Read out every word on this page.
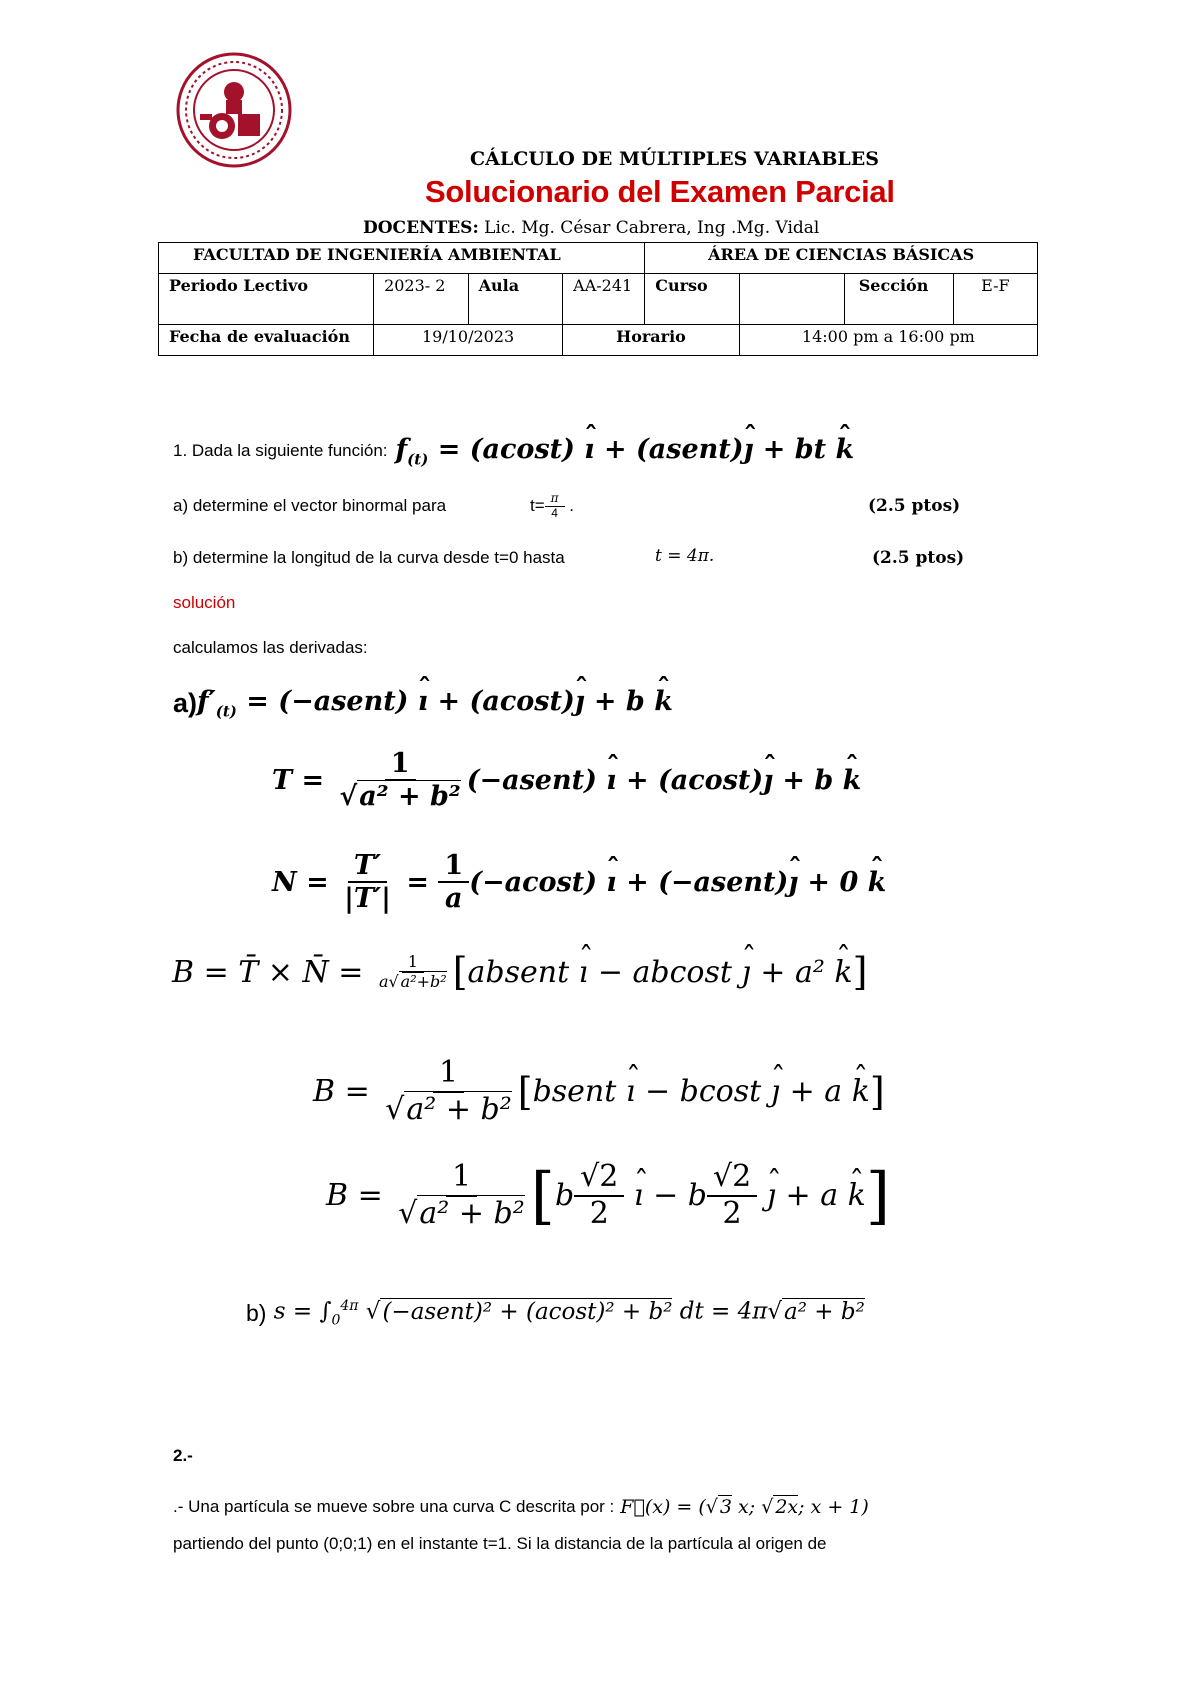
CÁLCULO DE MÚLTIPLES VARIABLES
Solucionario del Examen Parcial
DOCENTES: Lic. Mg. César Cabrera, Ing .Mg. Vidal
FACULTAD DE INGENIERÍA AMBIENTAL				ÁREA DE CIENCIAS BÁSICAS			
Periodo Lectivo	2023- 2	Aula	AA-241	Curso		Sección	E-F
Fecha de evaluación	19/10/2023		Horario		14:00 pm a 16:00 pm		
1. Dada la siguiente función: $f_{(t)} = (acost)$ ˆ ı + (asent)ˆ ȷ + bt ˆ k
a) determine el vector binormal para	$t= \frac{\pi}{4}$ .	(2.5 ptos)
b) determine la longitud de la curva desde t=0 hasta	t = 4π.	(2.5 ptos)
solución
calculamos las derivadas:
a) $f'_{(t)}$ = (−asent) ˆ ı + (acost)ˆ ȷ + b ˆ k
$T = \frac{1}{\text{√a² + b²}}$ (−asent) ˆ ı + (acost)ˆ ȷ + b ˆ k
$N = \frac{T'}{|T'|} = \frac{1}{a} (-acost)$ ˆ ı + (−asent)ˆ ȷ + 0 ˆ k
B = T̄ × N̄ = $\frac{1}{\text{a√ a²+b²}}$ [ absent ˆ ı − abcost ˆ ȷ + a² ˆ k ]
$B = \frac{1}{\text{√a² + b²}}$ [ bsent ˆ ı − bcost ˆ ȷ + a ˆ k ]
$B = \frac{1}{\text{√a² + b²}}$ [ b $\frac{√2}{2}$ ˆ ı − b $\frac{√2}{2}$ ˆ ȷ + a ˆ k ]
b) $s = \int_0^{4\pi}$ √(−asent)² + (acost)² + b² dt = 4π√a² + b²
2.-
.- Una partícula se mueve sobre una curva C descrita por : F⃗(x) = (√ 3 x; √ 2x; x + 1)
partiendo del punto (0;0;1) en el instante t=1. Si la distancia de la partícula al origen de
